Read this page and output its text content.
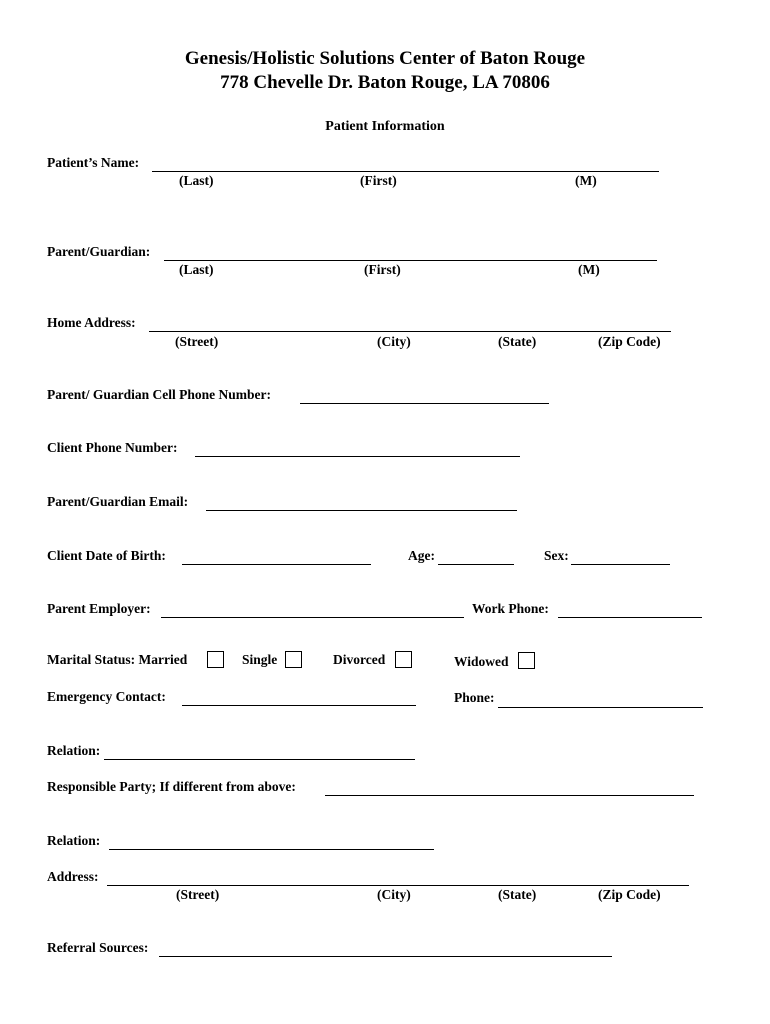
Genesis/Holistic Solutions Center of Baton Rouge
778 Chevelle Dr. Baton Rouge, LA 70806
Patient Information
Patient’s Name:
(Last)	(First)	(M)
Parent/Guardian:
(Last)	(First)	(M)
Home Address:
(Street)	(City)	(State)	(Zip Code)
Parent/ Guardian Cell Phone Number:
Client Phone Number:
Parent/Guardian Email:
Client Date of Birth:	Age:	Sex:
Parent Employer:	Work Phone:
Marital Status: Married	Single	Divorced	Widowed
Emergency Contact:	Phone:
Relation:
Responsible Party; If different from above:
Relation:
Address:
(Street)	(City)	(State)	(Zip Code)
Referral Sources:
